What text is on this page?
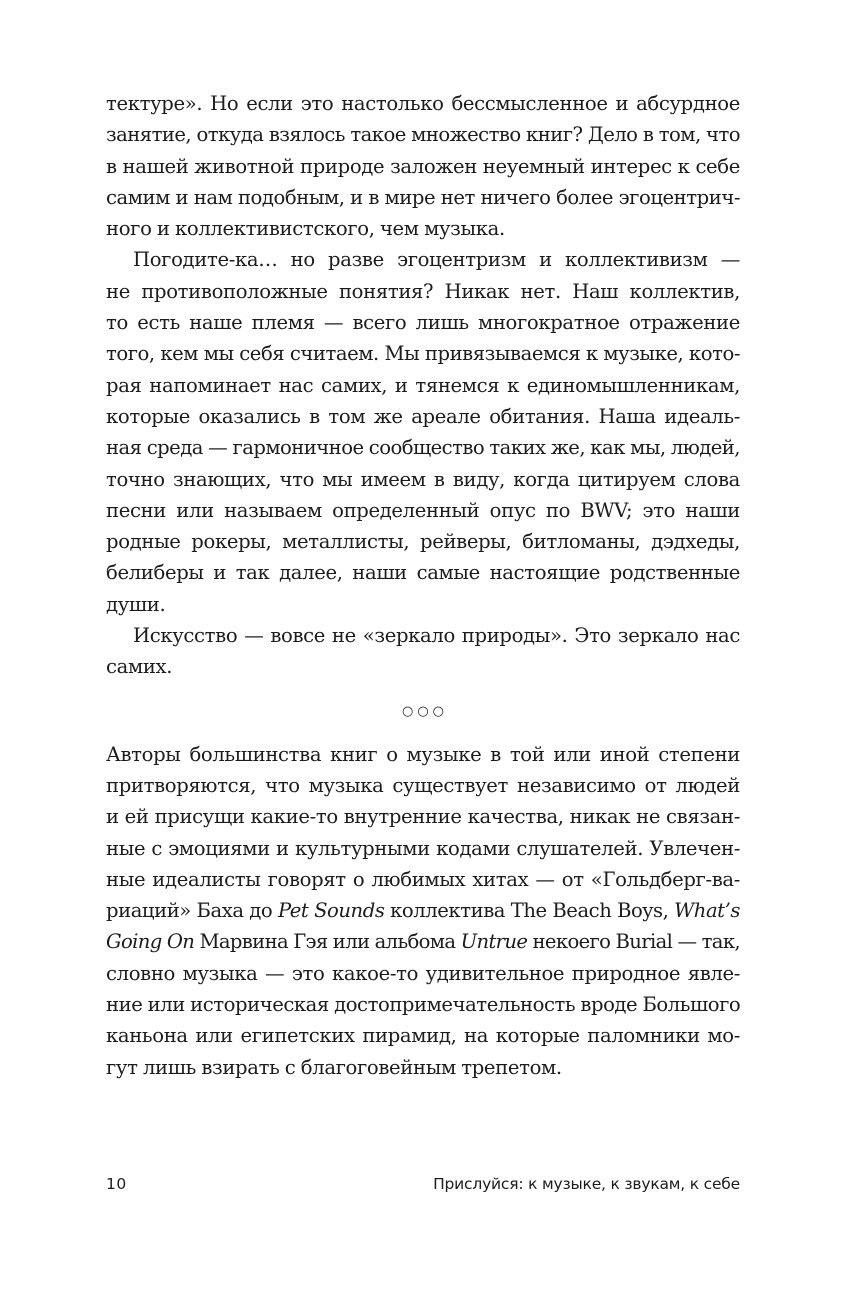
тектуре». Но если это настолько бессмысленное и абсурдное
занятие, откуда взялось такое множество книг? Дело в том, что
в нашей животной природе заложен неуемный интерес к себе
самим и нам подобным, и в мире нет ничего более эгоцентрич-
ного и коллективистского, чем музыка.
Погодите-ка… но разве эгоцентризм и коллективизм —
не противоположные понятия? Никак нет. Наш коллектив,
то есть наше племя — всего лишь многократное отражение
того, кем мы себя считаем. Мы привязываемся к музыке, кото-
рая напоминает нас самих, и тянемся к единомышленникам,
которые оказались в том же ареале обитания. Наша идеаль-
ная среда — гармоничное сообщество таких же, как мы, людей,
точно знающих, что мы имеем в виду, когда цитируем слова
песни или называем определенный опус по BWV; это наши
родные рокеры, металлисты, рейверы, битломаны, дэдхеды,
белиберы и так далее, наши самые настоящие родственные
души.
Искусство — вовсе не «зеркало природы». Это зеркало нас
самих.
○○○
Авторы большинства книг о музыке в той или иной степени
притворяются, что музыка существует независимо от людей
и ей присущи какие-то внутренние качества, никак не связан-
ные с эмоциями и культурными кодами слушателей. Увлечен-
ные идеалисты говорят о любимых хитах — от «Гольдберг-ва-
риаций» Баха до Pet Sounds коллектива The Beach Boys, What’s
Going On Марвина Гэя или альбома Untrue некоего Burial — так,
словно музыка — это какое-то удивительное природное явле-
ние или историческая достопримечательность вроде Большого
каньона или египетских пирамид, на которые паломники мо-
гут лишь взирать с благоговейным трепетом.
10	Прислуйся: к музыке, к звукам, к себе
